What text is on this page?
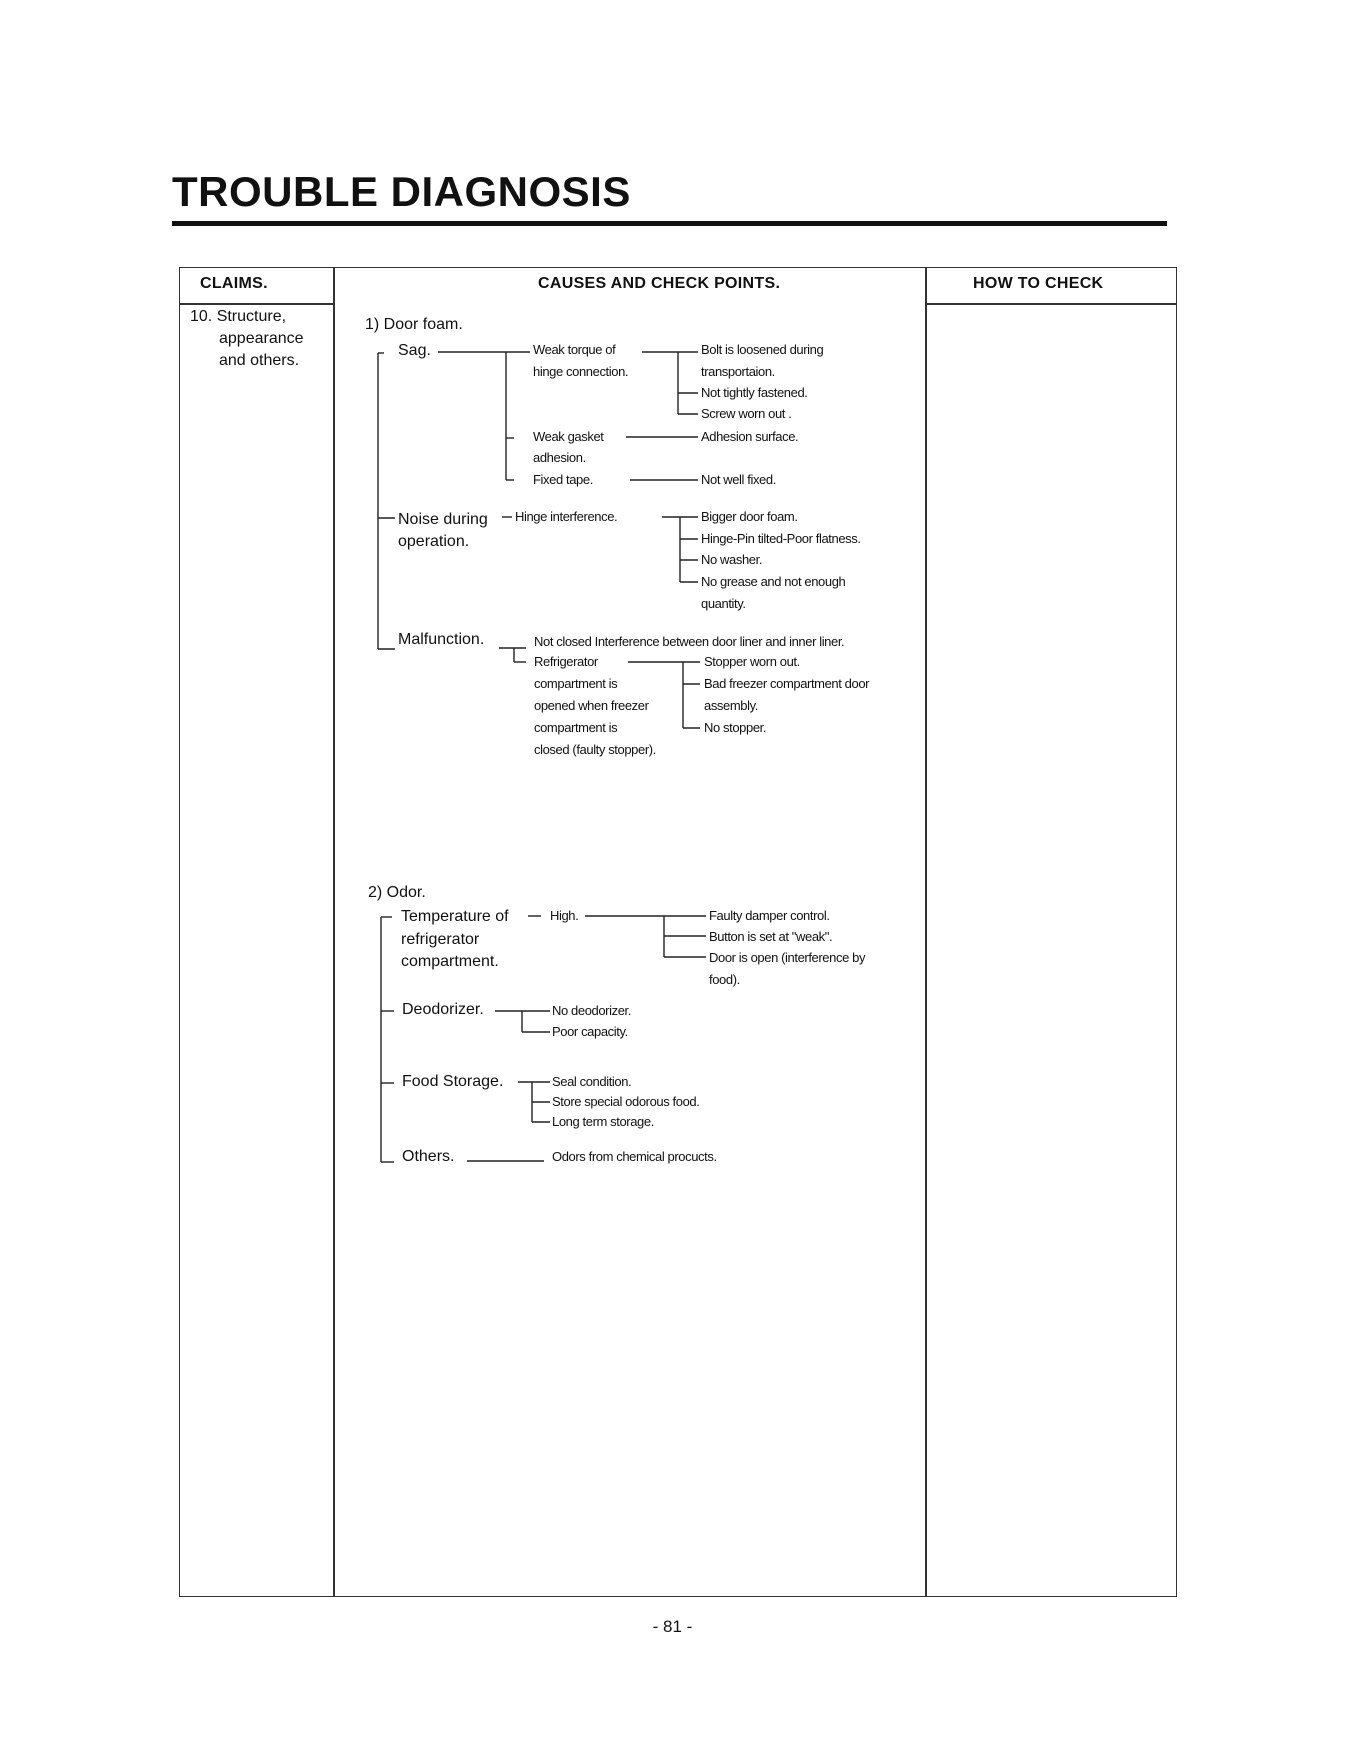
TROUBLE DIAGNOSIS
CLAIMS.	CAUSES AND CHECK POINTS.	HOW TO CHECK
10. Structure,
appearance
and others.
1) Door foam.
Sag.	Weak torque of
hinge connection.
Bolt is loosened during
transportaion.
Not tightly fastened.
Screw worn out .
Weak gasket
adhesion.
Adhesion surface.
Fixed tape.	Not well fixed.
Noise during
operation.
Hinge interference.	Bigger door foam.
Hinge-Pin tilted-Poor flatness.
No washer.
No grease and not enough
quantity.
Malfunction.	Not closed Interference between door liner and inner liner.
Refrigerator
compartment is
opened when freezer
compartment is
closed (faulty stopper).
Stopper worn out.
Bad freezer compartment door
assembly.
No stopper.
2) Odor.
Temperature of
refrigerator
compartment.
High.	Faulty damper control.
Button is set at "weak".
Door is open (interference by
food).
Deodorizer.	No deodorizer.
Poor capacity.
Food Storage.	Seal condition.
Store special odorous food.
Long term storage.
Others.	Odors from chemical procucts.
- 81 -
